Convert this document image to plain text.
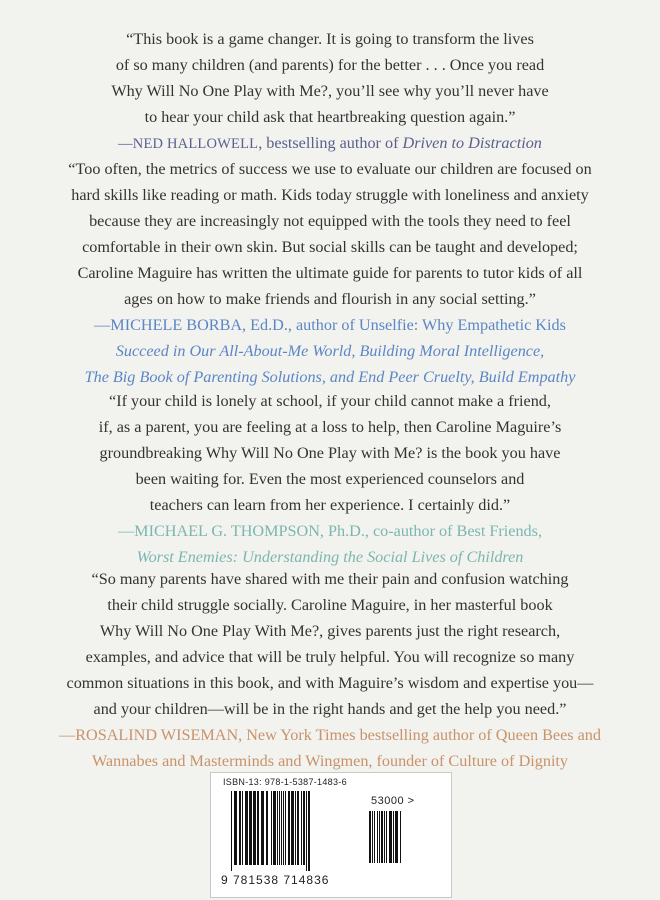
“This book is a game changer. It is going to transform the lives

of so many children (and parents) for the better . . . Once you read

Why Will No One Play with Me?, you’ll see why you’ll never have

to hear your child ask that heartbreaking question again.”

—NED HALLOWELL, bestselling author of Driven to Distraction

“Too often, the metrics of success we use to evaluate our children are focused on

hard skills like reading or math. Kids today struggle with loneliness and anxiety

because they are increasingly not equipped with the tools they need to feel

comfortable in their own skin. But social skills can be taught and developed;

Caroline Maguire has written the ultimate guide for parents to tutor kids of all

ages on how to make friends and flourish in any social setting.”

—MICHELE BORBA, Ed.D., author of Unselfie: Why Empathetic Kids

Succeed in Our All-About-Me World, Building Moral Intelligence,

The Big Book of Parenting Solutions, and End Peer Cruelty, Build Empathy

“If your child is lonely at school, if your child cannot make a friend,

if, as a parent, you are feeling at a loss to help, then Caroline Maguire’s

groundbreaking Why Will No One Play with Me? is the book you have

been waiting for. Even the most experienced counselors and

teachers can learn from her experience. I certainly did.”

—MICHAEL G. THOMPSON, Ph.D., co-author of Best Friends,

Worst Enemies: Understanding the Social Lives of Children

“So many parents have shared with me their pain and confusion watching

their child struggle socially. Caroline Maguire, in her masterful book

Why Will No One Play With Me?, gives parents just the right research,

examples, and advice that will be truly helpful. You will recognize so many

common situations in this book, and with Maguire’s wisdom and expertise you—

and your children—will be in the right hands and get the help you need.”

—ROSALIND WISEMAN, New York Times bestselling author of Queen Bees and

Wannabes and Masterminds and Wingmen, founder of Culture of Dignity

ISBN-13: 978-1-5387-1483-6
53000 >
9 781538 714836
